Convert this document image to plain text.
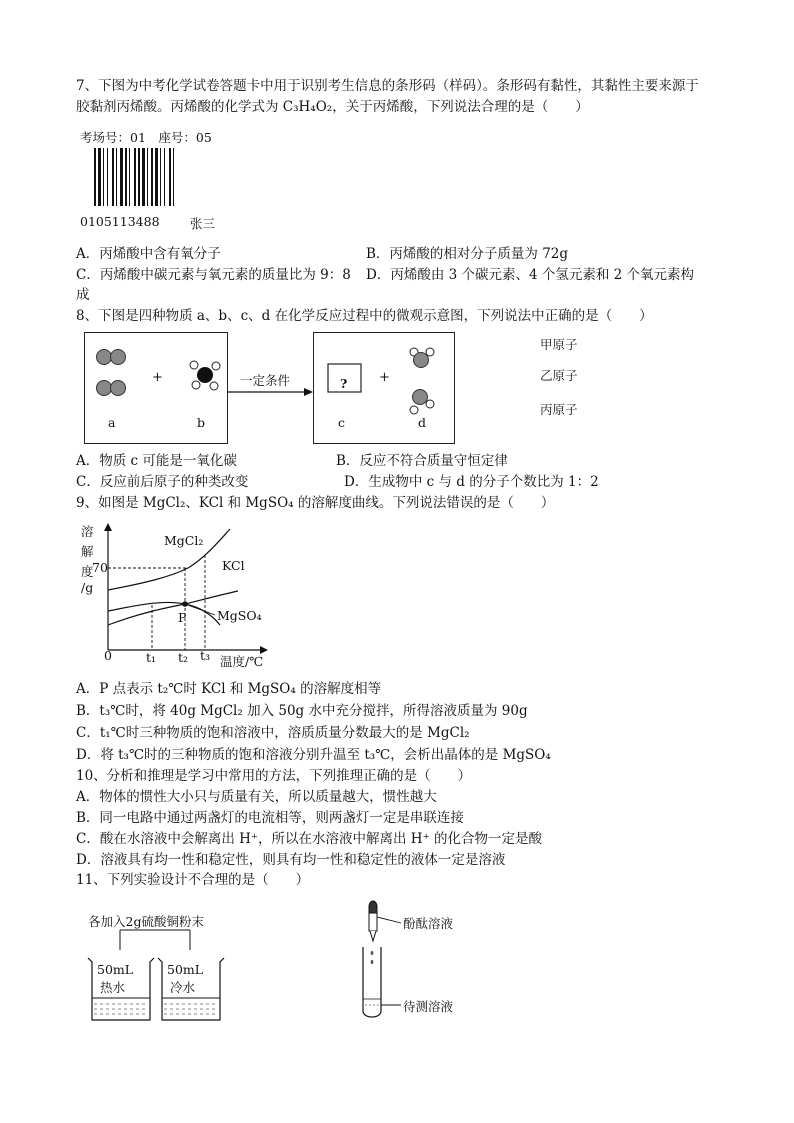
7、下图为中考化学试卷答题卡中用于识别考生信息的条形码（样码）。条形码有黏性，其黏性主要来源于
胶黏剂丙烯酸。丙烯酸的化学式为 C₃H₄O₂，关于丙烯酸，下列说法合理的是（　　）
考场号：01　座号：05
0105113488 张三
A．丙烯酸中含有氧分子	B．丙烯酸的相对分子质量为 72g
C．丙烯酸中碳元素与氧元素的质量比为 9：8 D．丙烯酸由 3 个碳元素、4 个氢元素和 2 个氧元素构
成
8、下图是四种物质 a、b、c、d 在化学反应过程中的微观示意图，下列说法中正确的是（　　）
+	+
一定条件	?
a	b	c	d
甲原子
乙原子
丙原子
A．物质 c 可能是一氧化碳	B．反应不符合质量守恒定律
C．反应前后原子的种类改变	D．生成物中 c 与 d 的分子个数比为 1：2
9、如图是 MgCl₂、KCl 和 MgSO₄ 的溶解度曲线。下列说法错误的是（　　）
溶
解
度
/g
70
MgCl₂
KCl
MgSO₄
P
0	t₁ t₂ t₃ 温度/℃
A．P 点表示 t₂℃时 KCl 和 MgSO₄ 的溶解度相等
B．t₃℃时，将 40g MgCl₂ 加入 50g 水中充分搅拌，所得溶液质量为 90g
C．t₁℃时三种物质的饱和溶液中，溶质质量分数最大的是 MgCl₂
D．将 t₃℃时的三种物质的饱和溶液分别升温至 t₃℃，会析出晶体的是 MgSO₄
10、分析和推理是学习中常用的方法，下列推理正确的是（　　）
A．物体的惯性大小只与质量有关，所以质量越大，惯性越大
B．同一电路中通过两盏灯的电流相等，则两盏灯一定是串联连接
C．酸在水溶液中会解离出 H⁺，所以在水溶液中解离出 H⁺ 的化合物一定是酸
D．溶液具有均一性和稳定性，则具有均一性和稳定性的液体一定是溶液
11、下列实验设计不合理的是（　　）
各加入2g硫酸铜粉末
50mL
热水
50mL
冷水
酚酞溶液
待测溶液
